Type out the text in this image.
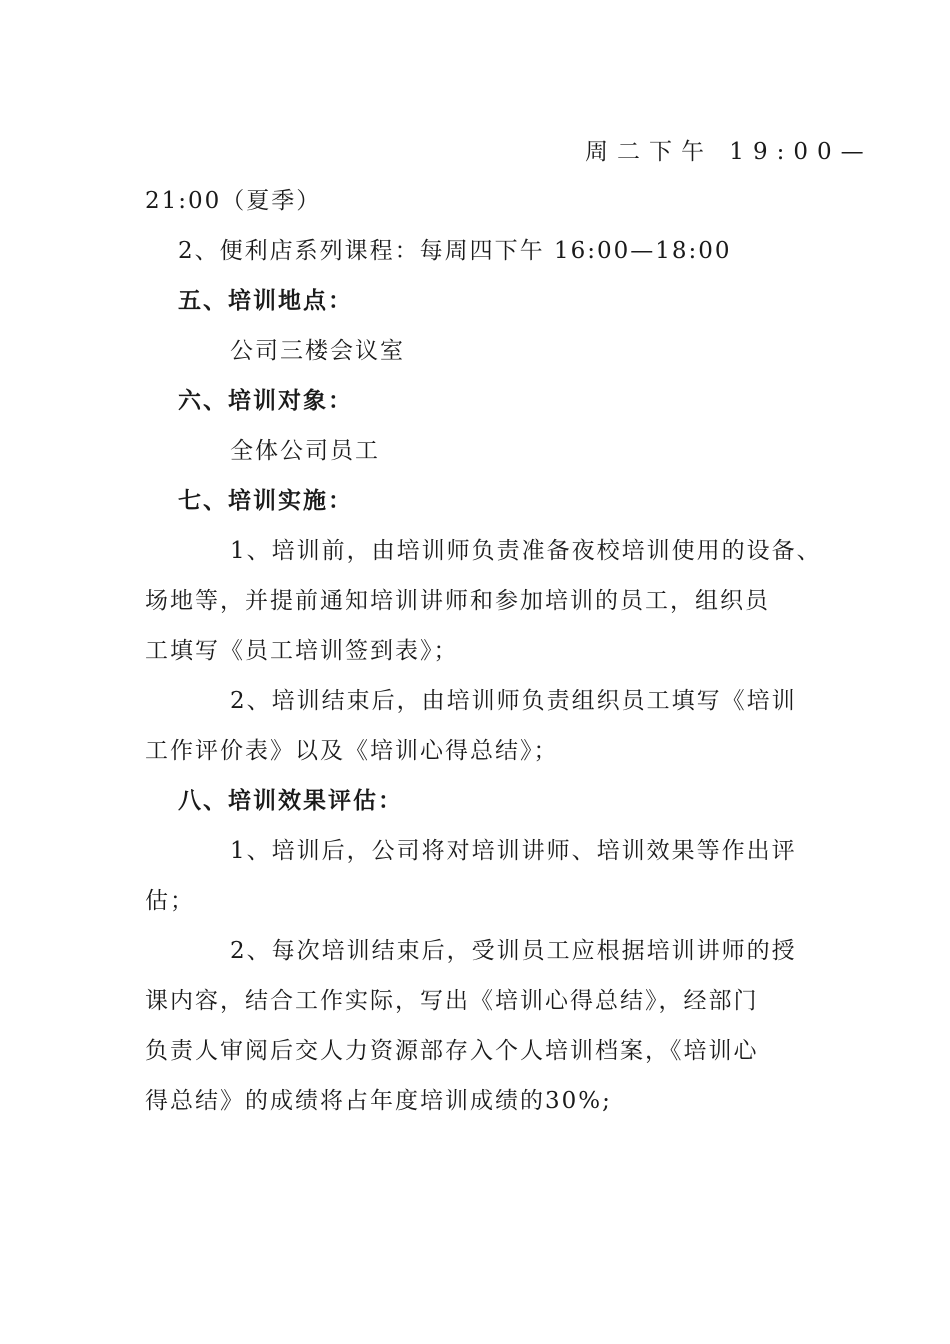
周二下午 19:00—
21:00（夏季）
2、便利店系列课程：每周四下午 16:00—18:00
五、培训地点：
公司三楼会议室
六、培训对象：
全体公司员工
七、培训实施：
1、培训前，由培训师负责准备夜校培训使用的设备、
场地等，并提前通知培训讲师和参加培训的员工，组织员
工填写《员工培训签到表》；
2、培训结束后，由培训师负责组织员工填写《培训
工作评价表》以及《培训心得总结》；
八、培训效果评估：
1、培训后，公司将对培训讲师、培训效果等作出评
估；
2、每次培训结束后，受训员工应根据培训讲师的授
课内容，结合工作实际，写出《培训心得总结》，经部门
负责人审阅后交人力资源部存入个人培训档案，《培训心
得总结》的成绩将占年度培训成绩的30%;
